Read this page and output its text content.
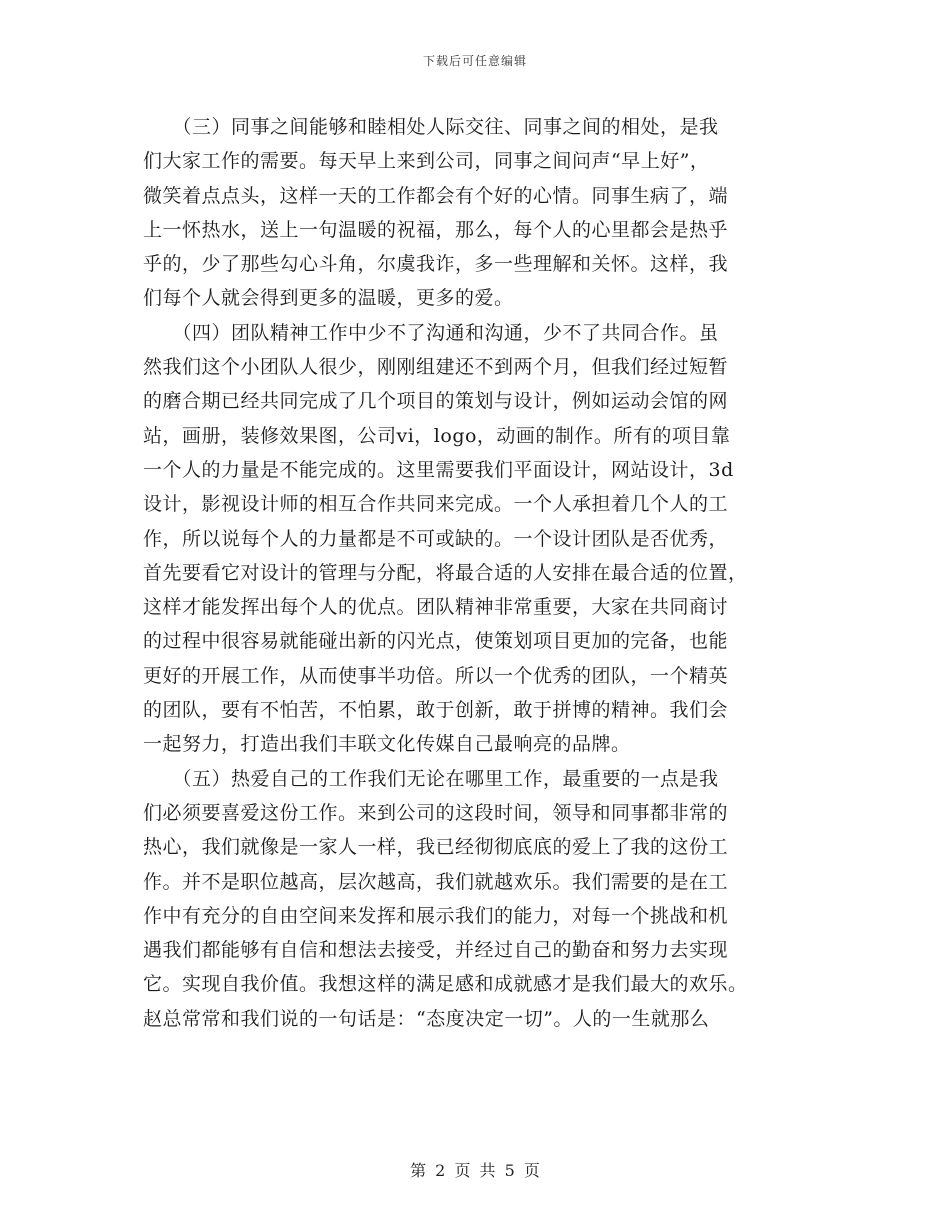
下载后可任意编辑

　　（三）同事之间能够和睦相处人际交往、同事之间的相处，是我

们大家工作的需要。每天早上来到公司，同事之间问声“早上好”，

微笑着点点头，这样一天的工作都会有个好的心情。同事生病了，端

上一怀热水，送上一句温暖的祝福，那么，每个人的心里都会是热乎

乎的，少了那些勾心斗角，尔虞我诈，多一些理解和关怀。这样，我

们每个人就会得到更多的温暖，更多的爱。

　　（四）团队精神工作中少不了沟通和沟通，少不了共同合作。虽

然我们这个小团队人很少，刚刚组建还不到两个月，但我们经过短暂

的磨合期已经共同完成了几个项目的策划与设计，例如运动会馆的网

站，画册，装修效果图，公司vi，logo，动画的制作。所有的项目靠

一个人的力量是不能完成的。这里需要我们平面设计，网站设计，3d

设计，影视设计师的相互合作共同来完成。一个人承担着几个人的工

作，所以说每个人的力量都是不可或缺的。一个设计团队是否优秀，

首先要看它对设计的管理与分配，将最合适的人安排在最合适的位置，

这样才能发挥出每个人的优点。团队精神非常重要，大家在共同商讨

的过程中很容易就能碰出新的闪光点，使策划项目更加的完备，也能

更好的开展工作，从而使事半功倍。所以一个优秀的团队，一个精英

的团队，要有不怕苦，不怕累，敢于创新，敢于拼博的精神。我们会

一起努力，打造出我们丰联文化传媒自己最响亮的品牌。

　　（五）热爱自己的工作我们无论在哪里工作，最重要的一点是我

们必须要喜爱这份工作。来到公司的这段时间，领导和同事都非常的

热心，我们就像是一家人一样，我已经彻彻底底的爱上了我的这份工

作。并不是职位越高，层次越高，我们就越欢乐。我们需要的是在工

作中有充分的自由空间来发挥和展示我们的能力，对每一个挑战和机

遇我们都能够有自信和想法去接受，并经过自己的勤奋和努力去实现

它。实现自我价值。我想这样的满足感和成就感才是我们最大的欢乐。

赵总常常和我们说的一句话是：“态度决定一切”。人的一生就那么

第 2 页 共 5 页
